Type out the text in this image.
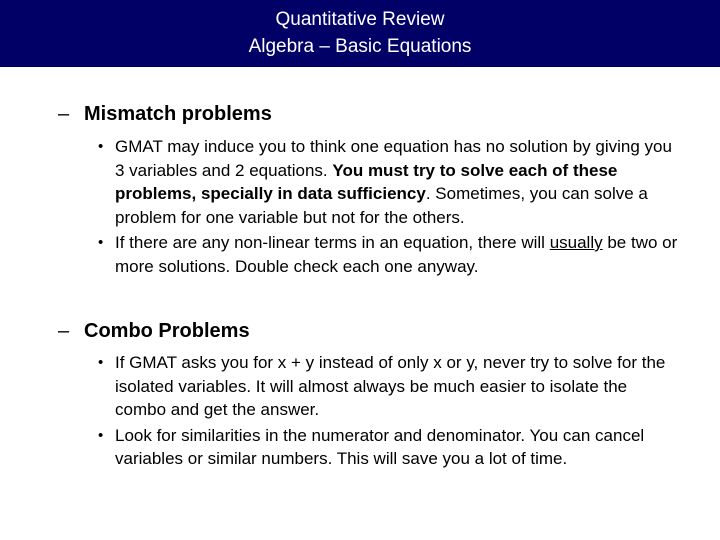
Quantitative Review
Algebra – Basic Equations
– Mismatch problems
• GMAT may induce you to think one equation has no solution by giving you 3 variables and 2 equations. You must try to solve each of these problems, specially in data sufficiency. Sometimes, you can solve a problem for one variable but not for the others.
• If there are any non-linear terms in an equation, there will usually be two or more solutions. Double check each one anyway.
– Combo Problems
• If GMAT asks you for x + y instead of only x or y, never try to solve for the isolated variables. It will almost always be much easier to isolate the combo and get the answer.
• Look for similarities in the numerator and denominator. You can cancel variables or similar numbers. This will save you a lot of time.
